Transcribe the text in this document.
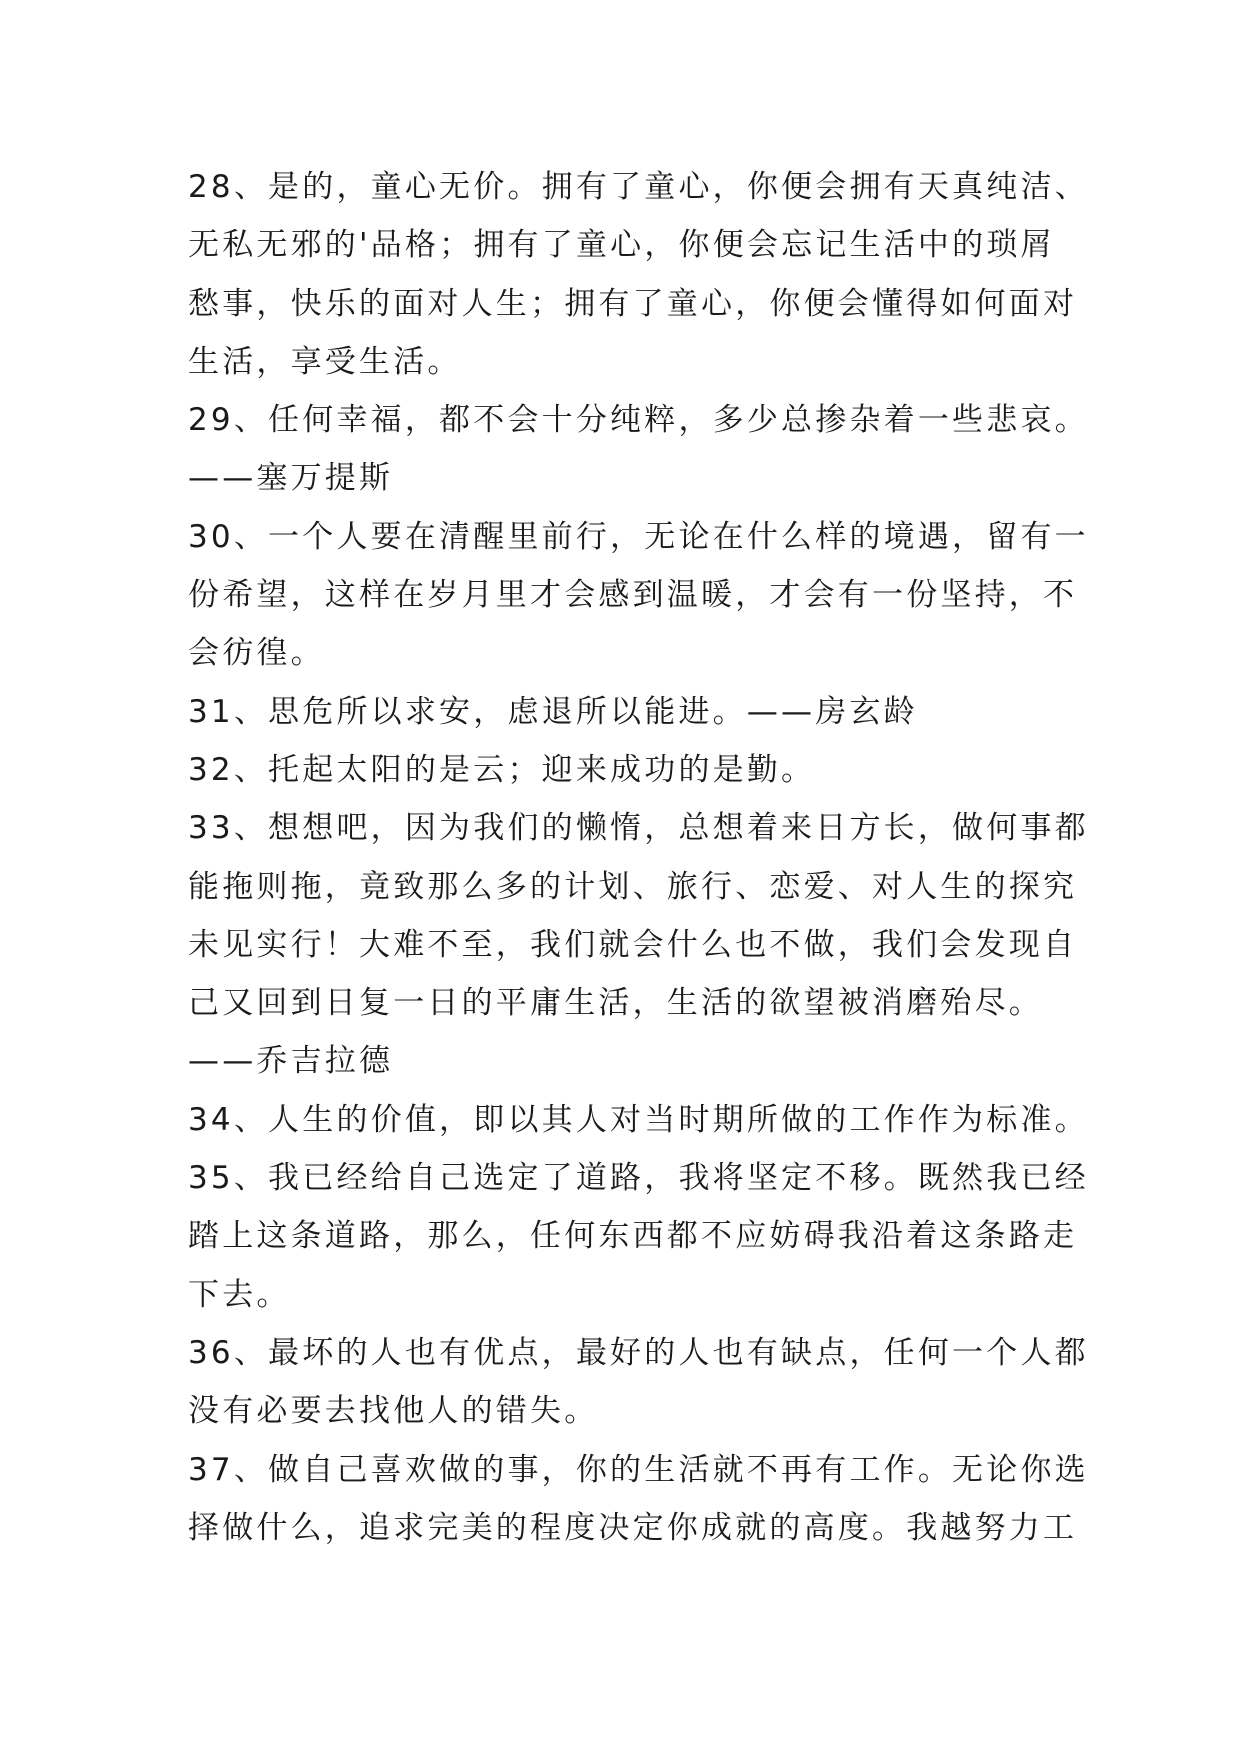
28、是的，童心无价。拥有了童心，你便会拥有天真纯洁、
无私无邪的'品格；拥有了童心，你便会忘记生活中的琐屑
愁事，快乐的面对人生；拥有了童心，你便会懂得如何面对
生活，享受生活。
29、任何幸福，都不会十分纯粹，多少总掺杂着一些悲哀。
——塞万提斯
30、一个人要在清醒里前行，无论在什么样的境遇，留有一
份希望，这样在岁月里才会感到温暖，才会有一份坚持，不
会彷徨。
31、思危所以求安，虑退所以能进。——房玄龄
32、托起太阳的是云；迎来成功的是勤。
33、想想吧，因为我们的懒惰，总想着来日方长，做何事都
能拖则拖，竟致那么多的计划、旅行、恋爱、对人生的探究
未见实行！大难不至，我们就会什么也不做，我们会发现自
己又回到日复一日的平庸生活，生活的欲望被消磨殆尽。
——乔吉拉德
34、人生的价值，即以其人对当时期所做的工作作为标准。
35、我已经给自己选定了道路，我将坚定不移。既然我已经
踏上这条道路，那么，任何东西都不应妨碍我沿着这条路走
下去。
36、最坏的人也有优点，最好的人也有缺点，任何一个人都
没有必要去找他人的错失。
37、做自己喜欢做的事，你的生活就不再有工作。无论你选
择做什么，追求完美的程度决定你成就的高度。我越努力工
